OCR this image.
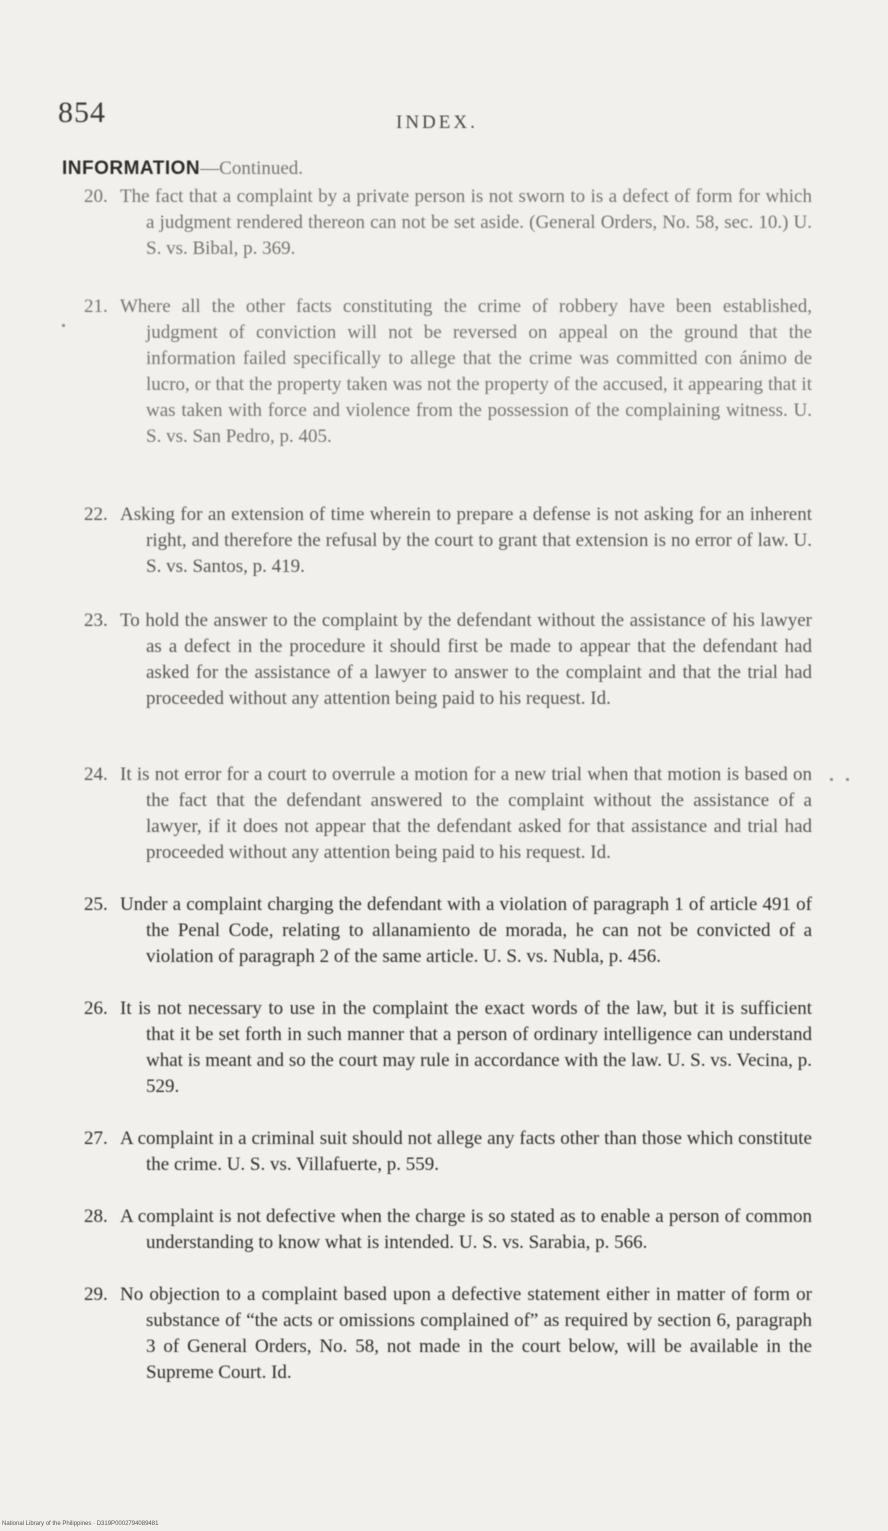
854	INDEX.
INFORMATION—Continued.
20. The fact that a complaint by a private person is not sworn to is a defect of form for which a judgment rendered thereon can not be set aside. (General Orders, No. 58, sec. 10.) U. S. vs. Bibal, p. 369.
21. Where all the other facts constituting the crime of robbery have been established, judgment of conviction will not be reversed on appeal on the ground that the information failed specifically to allege that the crime was committed con ánimo de lucro, or that the property taken was not the property of the accused, it appearing that it was taken with force and violence from the possession of the complaining witness. U. S. vs. San Pedro, p. 405.
22. Asking for an extension of time wherein to prepare a defense is not asking for an inherent right, and therefore the refusal by the court to grant that extension is no error of law. U. S. vs. Santos, p. 419.
23. To hold the answer to the complaint by the defendant without the assistance of his lawyer as a defect in the procedure it should first be made to appear that the defendant had asked for the assistance of a lawyer to answer to the complaint and that the trial had proceeded without any attention being paid to his request. Id.
24. It is not error for a court to overrule a motion for a new trial when that motion is based on the fact that the defendant answered to the complaint without the assistance of a lawyer, if it does not appear that the defendant asked for that assistance and trial had proceeded without any attention being paid to his request. Id.
25. Under a complaint charging the defendant with a violation of paragraph 1 of article 491 of the Penal Code, relating to allanamiento de morada, he can not be convicted of a violation of paragraph 2 of the same article. U. S. vs. Nubla, p. 456.
26. It is not necessary to use in the complaint the exact words of the law, but it is sufficient that it be set forth in such manner that a person of ordinary intelligence can understand what is meant and so the court may rule in accordance with the law. U. S. vs. Vecina, p. 529.
27. A complaint in a criminal suit should not allege any facts other than those which constitute the crime. U. S. vs. Villafuerte, p. 559.
28. A complaint is not defective when the charge is so stated as to enable a person of common understanding to know what is intended. U. S. vs. Sarabia, p. 566.
29. No objection to a complaint based upon a defective statement either in matter of form or substance of “the acts or omissions complained of” as required by section 6, paragraph 3 of General Orders, No. 58, not made in the court below, will be available in the Supreme Court. Id.
National Library of the Philippines · D319P0002794089481
